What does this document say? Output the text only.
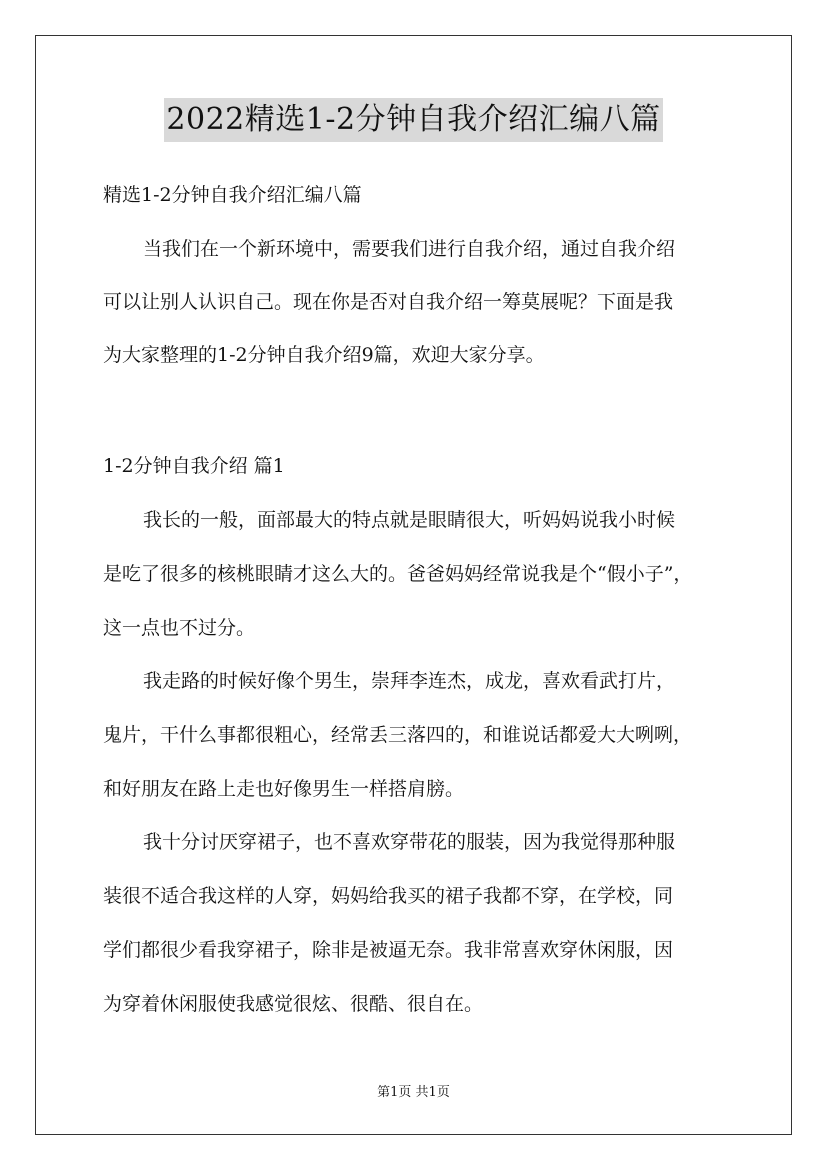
2022精选1-2分钟自我介绍汇编八篇
精选1-2分钟自我介绍汇编八篇
当我们在一个新环境中，需要我们进行自我介绍，通过自我介绍
可以让别人认识自己。现在你是否对自我介绍一筹莫展呢？下面是我
为大家整理的1-2分钟自我介绍9篇，欢迎大家分享。
1-2分钟自我介绍 篇1
我长的一般，面部最大的特点就是眼睛很大，听妈妈说我小时候
是吃了很多的核桃眼睛才这么大的。爸爸妈妈经常说我是个“假小子”，
这一点也不过分。
我走路的时候好像个男生，崇拜李连杰，成龙，喜欢看武打片，
鬼片，干什么事都很粗心，经常丢三落四的，和谁说话都爱大大咧咧，
和好朋友在路上走也好像男生一样搭肩膀。
我十分讨厌穿裙子，也不喜欢穿带花的服装，因为我觉得那种服
装很不适合我这样的人穿，妈妈给我买的裙子我都不穿，在学校，同
学们都很少看我穿裙子，除非是被逼无奈。我非常喜欢穿休闲服，因
为穿着休闲服使我感觉很炫、很酷、很自在。
第1页 共1页
